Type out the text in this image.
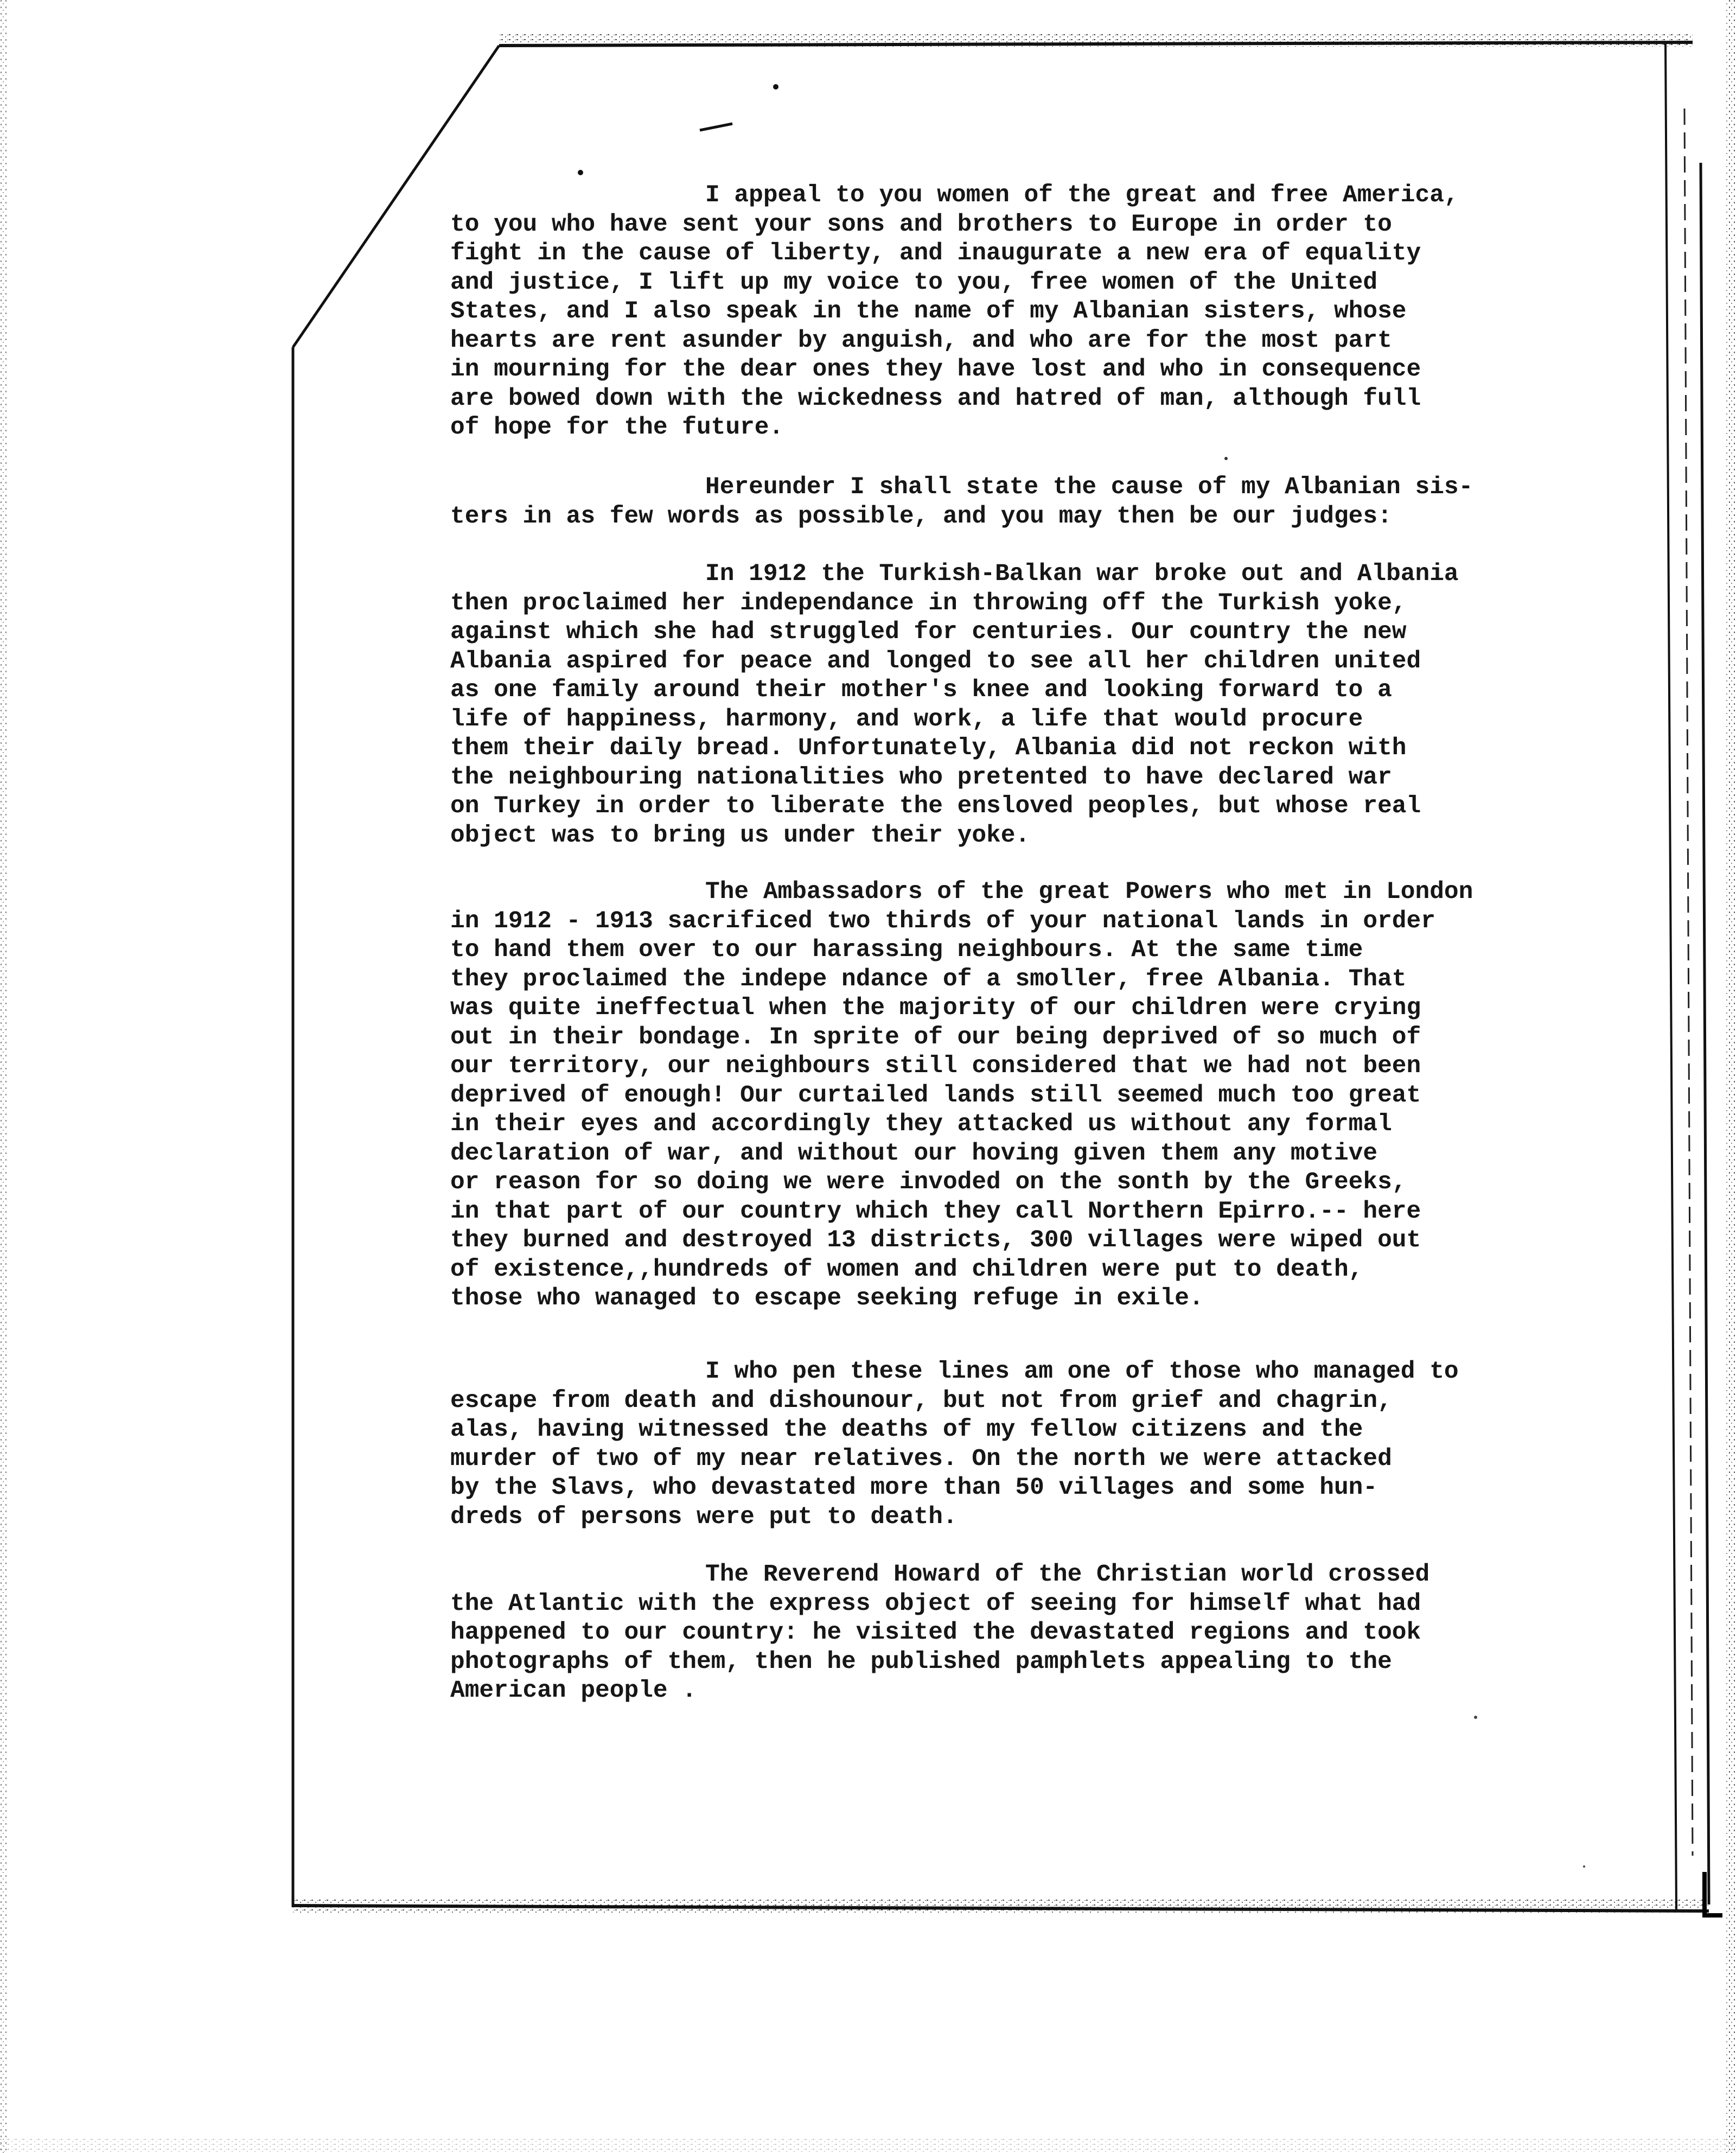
I appeal to you women of the great and free America,
to you who have sent your sons and brothers to Europe in order to
fight in the cause of liberty, and inaugurate a new era of equality
and justice, I lift up my voice to you, free women of the United
States, and I also speak in the name of my Albanian sisters, whose
hearts are rent asunder by anguish, and who are for the most part
in mourning for the dear ones they have lost and who in consequence
are bowed down with the wickedness and hatred of man, although full
of hope for the future.
Hereunder I shall state the cause of my Albanian sis-
ters in as few words as possible, and you may then be our judges:
In 1912 the Turkish-Balkan war broke out and Albania
then proclaimed her independance in throwing off the Turkish yoke,
against which she had struggled for centuries. Our country the new
Albania aspired for peace and longed to see all her children united
as one family around their mother's knee and looking forward to a
life of happiness, harmony, and work, a life that would procure
them their daily bread. Unfortunately, Albania did not reckon with
the neighbouring nationalities who pretented to have declared war
on Turkey in order to liberate the ensloved peoples, but whose real
object was to bring us under their yoke.
The Ambassadors of the great Powers who met in London
in 1912 - 1913 sacrificed two thirds of your national lands in order
to hand them over to our harassing neighbours. At the same time
they proclaimed the indepe ndance of a smoller, free Albania. That
was quite ineffectual when the majority of our children were crying
out in their bondage. In sprite of our being deprived of so much of
our territory, our neighbours still considered that we had not been
deprived of enough! Our curtailed lands still seemed much too great
in their eyes and accordingly they attacked us without any formal
declaration of war, and without our hoving given them any motive
or reason for so doing we were invoded on the sonth by the Greeks,
in that part of our country which they call Northern Epirro.-- here
they burned and destroyed 13 districts, 300 villages were wiped out
of existence,,hundreds of women and children were put to death,
those who wanaged to escape seeking refuge in exile.
I who pen these lines am one of those who managed to
escape from death and dishounour, but not from grief and chagrin,
alas, having witnessed the deaths of my fellow citizens and the
murder of two of my near relatives. On the north we were attacked
by the Slavs, who devastated more than 50 villages and some hun-
dreds of persons were put to death.
The Reverend Howard of the Christian world crossed
the Atlantic with the express object of seeing for himself what had
happened to our country: he visited the devastated regions and took
photographs of them, then he published pamphlets appealing to the
American people .
